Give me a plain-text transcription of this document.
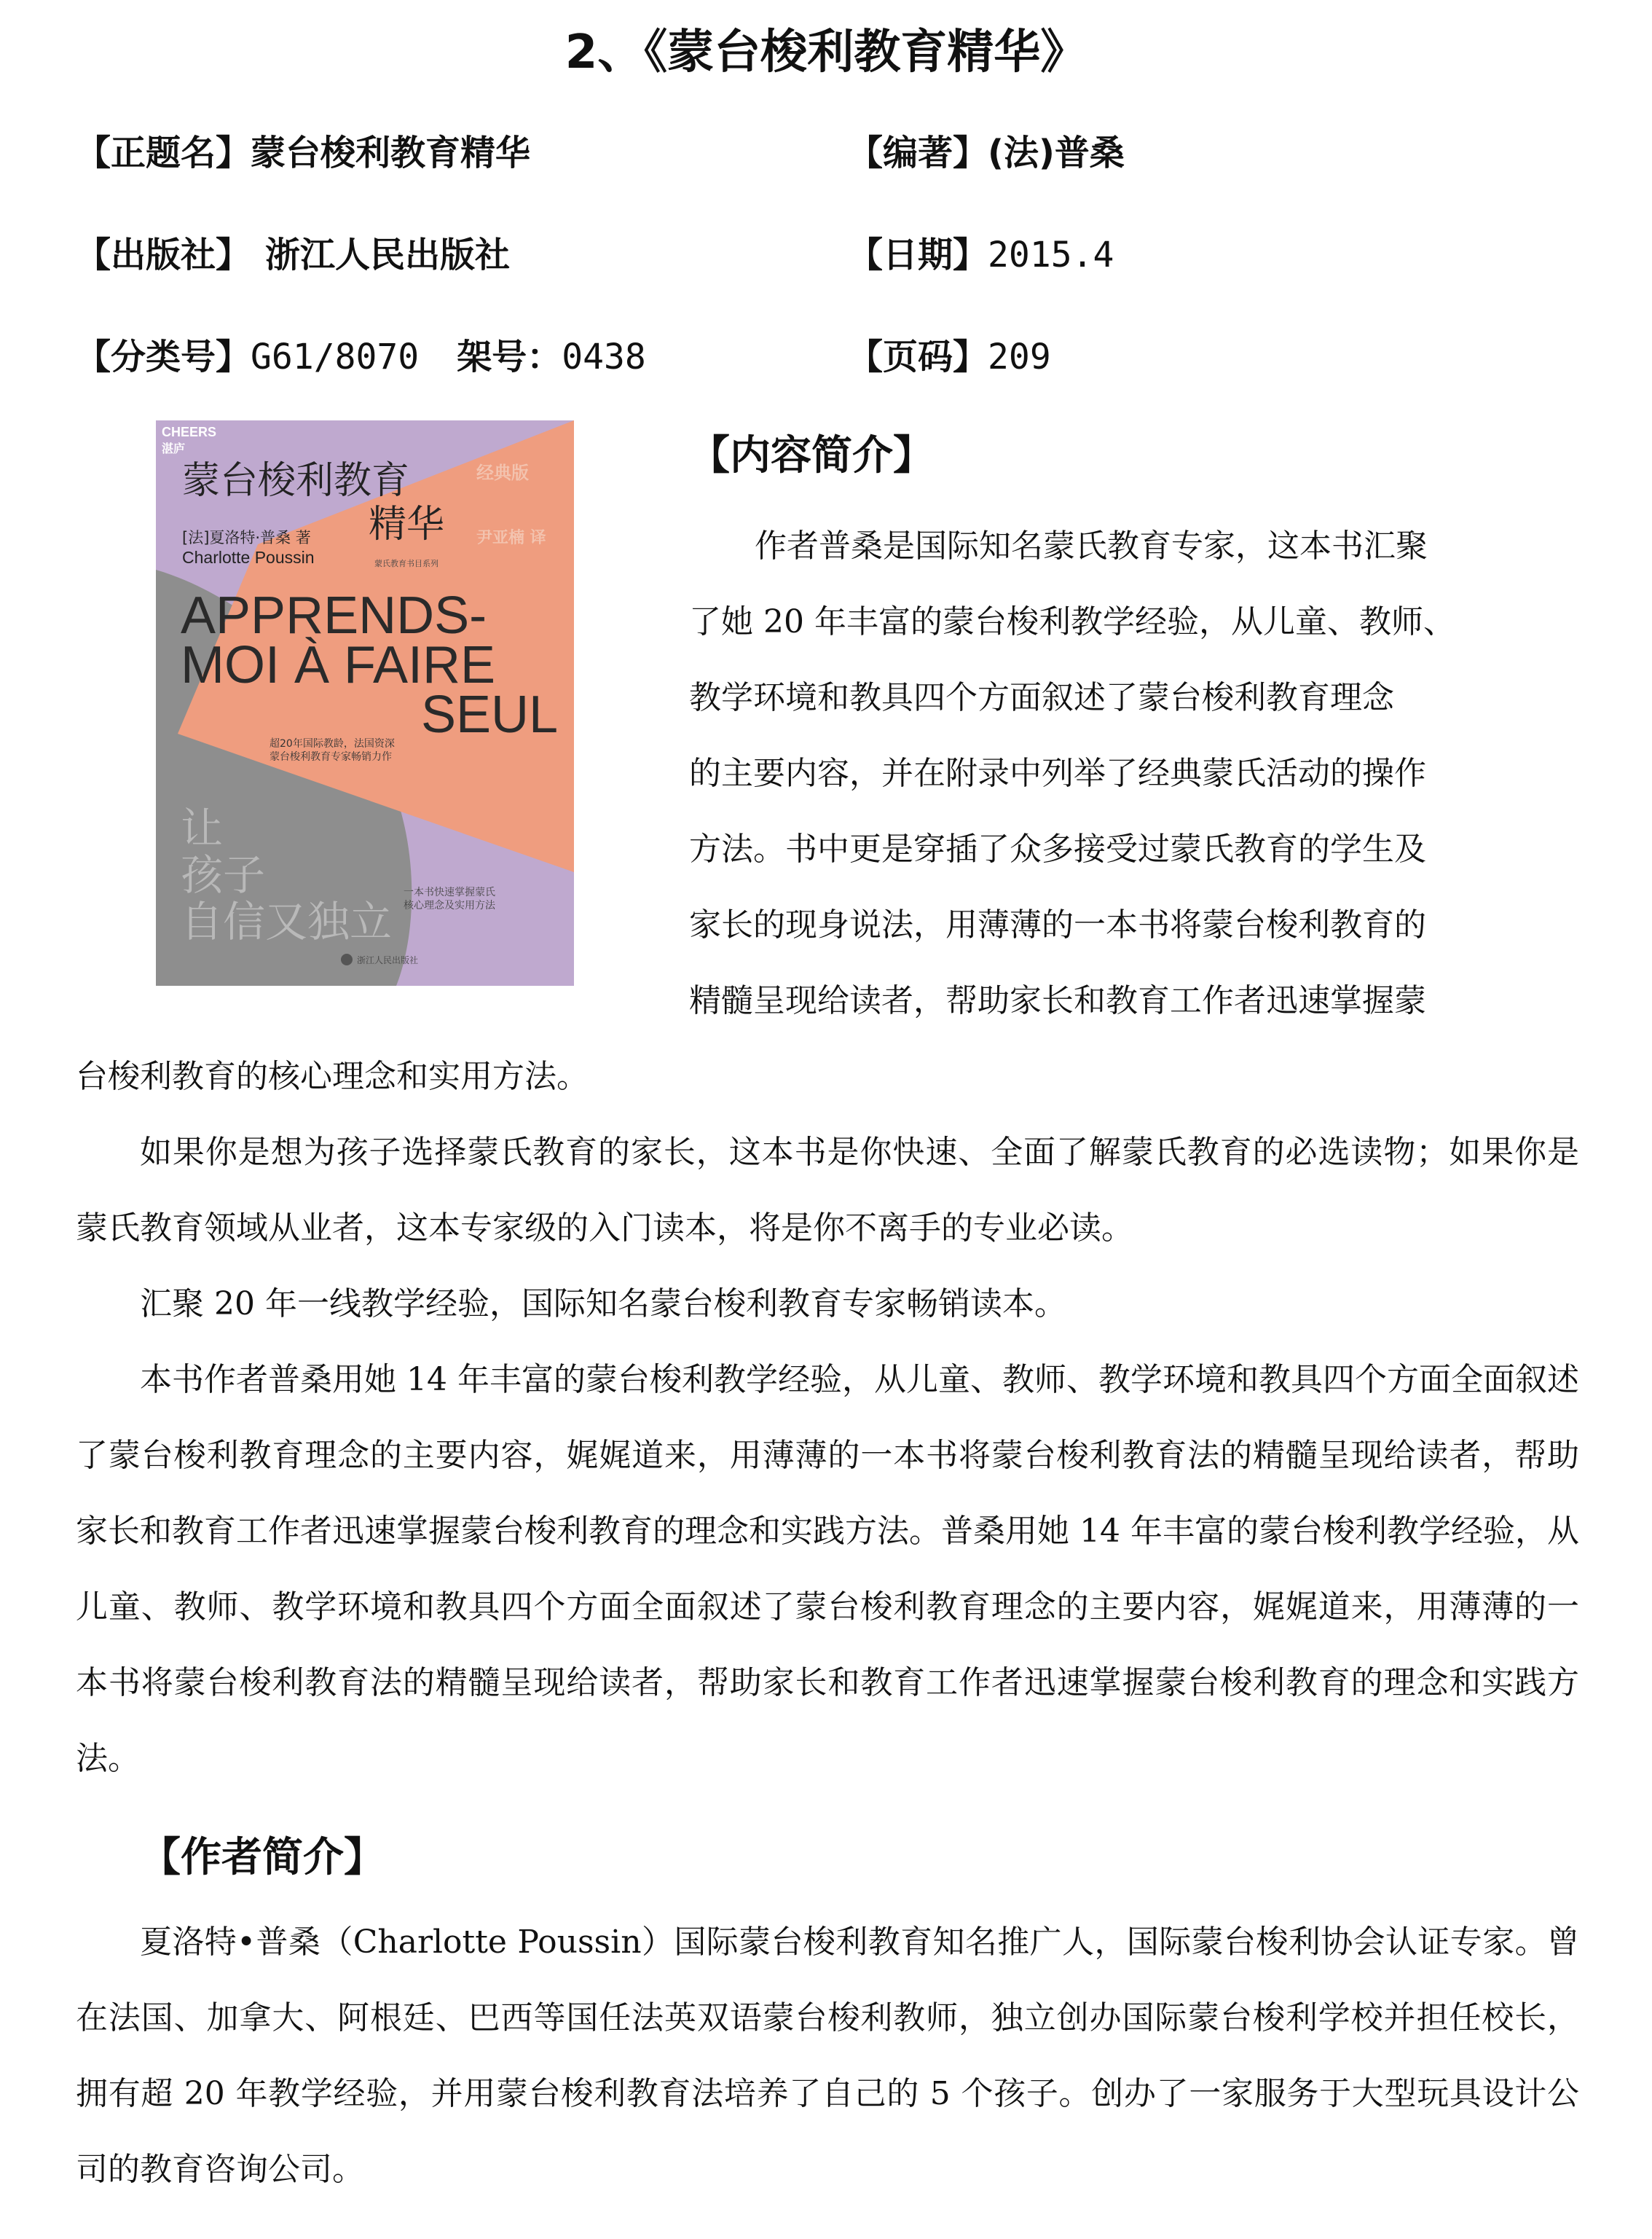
2、《蒙台梭利教育精华》
【正题名】蒙台梭利教育精华	【编著】(法)普桑
【出版社】 浙江人民出版社	【日期】2015.4
【分类号】G61/8070 架号：0438	【页码】209
CHEERS
湛庐
蒙台梭利教育
精华
经典版
[法]夏洛特·普桑 著
Charlotte Poussin
尹亚楠 译
蒙氏教育书目系列
APPRENDS-
MOI À FAIRE
SEUL
超20年国际教龄，法国资深
蒙台梭利教育专家畅销力作
让
孩子
自信又独立
一本书快速掌握蒙氏
核心理念及实用方法
浙江人民出版社
【内容简介】
作者普桑是国际知名蒙氏教育专家，这本书汇聚
了她 20 年丰富的蒙台梭利教学经验，从儿童、教师、
教学环境和教具四个方面叙述了蒙台梭利教育理念
的主要内容，并在附录中列举了经典蒙氏活动的操作
方法。书中更是穿插了众多接受过蒙氏教育的学生及
家长的现身说法，用薄薄的一本书将蒙台梭利教育的
精髓呈现给读者，帮助家长和教育工作者迅速掌握蒙

台梭利教育的核心理念和实用方法。

如果你是想为孩子选择蒙氏教育的家长，这本书是你快速、全面了解蒙氏教育的必选读物；如果你是蒙氏教育领域从业者，这本专家级的入门读本，将是你不离手的专业必读。

汇聚 20 年一线教学经验，国际知名蒙台梭利教育专家畅销读本。

本书作者普桑用她 14 年丰富的蒙台梭利教学经验，从儿童、教师、教学环境和教具四个方面全面叙述了蒙台梭利教育理念的主要内容，娓娓道来，用薄薄的一本书将蒙台梭利教育法的精髓呈现给读者，帮助家长和教育工作者迅速掌握蒙台梭利教育的理念和实践方法。普桑用她 14 年丰富的蒙台梭利教学经验，从儿童、教师、教学环境和教具四个方面全面叙述了蒙台梭利教育理念的主要内容，娓娓道来，用薄薄的一本书将蒙台梭利教育法的精髓呈现给读者，帮助家长和教育工作者迅速掌握蒙台梭利教育的理念和实践方法。

【作者简介】

夏洛特•普桑（Charlotte Poussin）国际蒙台梭利教育知名推广人，国际蒙台梭利协会认证专家。曾在法国、加拿大、阿根廷、巴西等国任法英双语蒙台梭利教师，独立创办国际蒙台梭利学校并担任校长，拥有超 20 年教学经验，并用蒙台梭利教育法培养了自己的 5 个孩子。创办了一家服务于大型玩具设计公司的教育咨询公司。
